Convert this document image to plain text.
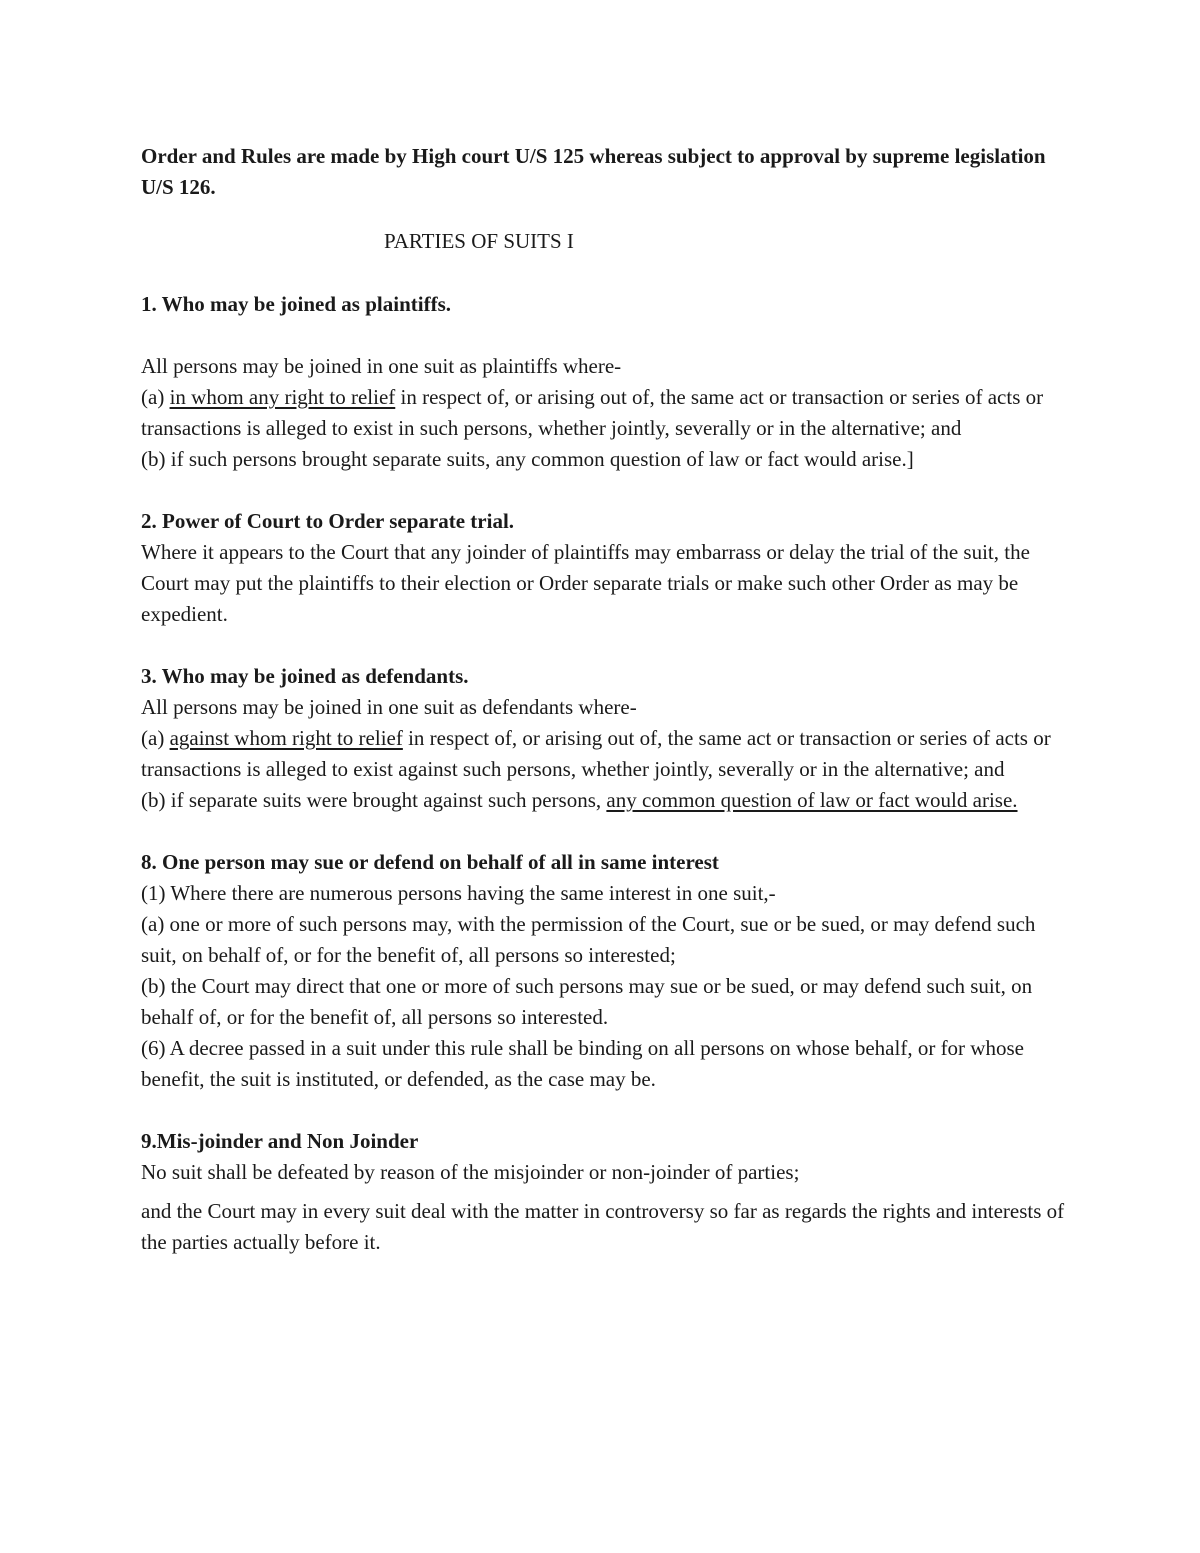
Order and Rules are made by High court U/S 125 whereas subject to approval by supreme legislation U/S 126.

PARTIES OF SUITS I

1. Who may be joined as plaintiffs.

All persons may be joined in one suit as plaintiffs where-

(a) in whom any right to relief in respect of, or arising out of, the same act or transaction or series of acts or transactions is alleged to exist in such persons, whether jointly, severally or in the alternative; and

(b) if such persons brought separate suits, any common question of law or fact would arise.]

2. Power of Court to Order separate trial.

Where it appears to the Court that any joinder of plaintiffs may embarrass or delay the trial of the suit, the Court may put the plaintiffs to their election or Order separate trials or make such other Order as may be expedient.

3. Who may be joined as defendants.

All persons may be joined in one suit as defendants where-

(a) against whom right to relief in respect of, or arising out of, the same act or transaction or series of acts or transactions is alleged to exist against such persons, whether jointly, severally or in the alternative; and

(b) if separate suits were brought against such persons, any common question of law or fact would arise.

8. One person may sue or defend on behalf of all in same interest

(1) Where there are numerous persons having the same interest in one suit,-

(a) one or more of such persons may, with the permission of the Court, sue or be sued, or may defend such suit, on behalf of, or for the benefit of, all persons so interested;

(b) the Court may direct that one or more of such persons may sue or be sued, or may defend such suit, on behalf of, or for the benefit of, all persons so interested.

(6) A decree passed in a suit under this rule shall be binding on all persons on whose behalf, or for whose benefit, the suit is instituted, or defended, as the case may be.

9.Mis-joinder and Non Joinder

No suit shall be defeated by reason of the misjoinder or non-joinder of parties;

and the Court may in every suit deal with the matter in controversy so far as regards the rights and interests of the parties actually before it.
